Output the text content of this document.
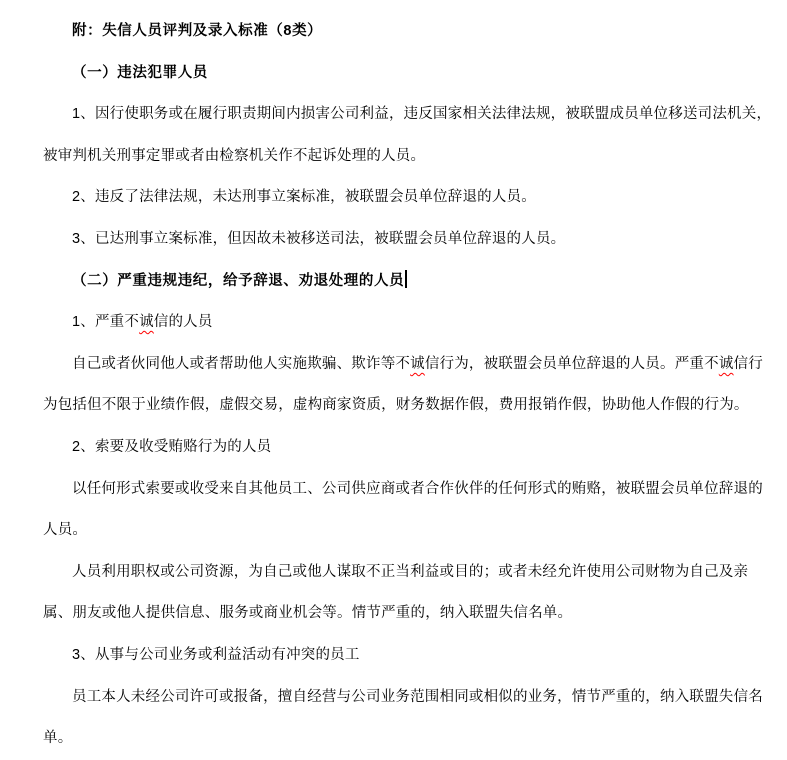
附：失信人员评判及录入标准（8类）
（一）违法犯罪人员
1、因行使职务或在履行职责期间内损害公司利益，违反国家相关法律法规，被联盟成员单位移送司法机关，
被审判机关刑事定罪或者由检察机关作不起诉处理的人员。
2、违反了法律法规，未达刑事立案标准，被联盟会员单位辞退的人员。
3、已达刑事立案标准，但因故未被移送司法，被联盟会员单位辞退的人员。
（二）严重违规违纪，给予辞退、劝退处理的人员
1、严重不诚信的人员
自己或者伙同他人或者帮助他人实施欺骗、欺诈等不诚信行为，被联盟会员单位辞退的人员。严重不诚信行
为包括但不限于业绩作假，虚假交易，虚构商家资质，财务数据作假，费用报销作假，协助他人作假的行为。
2、索要及收受贿赂行为的人员
以任何形式索要或收受来自其他员工、公司供应商或者合作伙伴的任何形式的贿赂，被联盟会员单位辞退的
人员。
人员利用职权或公司资源，为自己或他人谋取不正当利益或目的；或者未经允许使用公司财物为自己及亲
属、朋友或他人提供信息、服务或商业机会等。情节严重的，纳入联盟失信名单。
3、从事与公司业务或利益活动有冲突的员工
员工本人未经公司许可或报备，擅自经营与公司业务范围相同或相似的业务，情节严重的，纳入联盟失信名
单。
